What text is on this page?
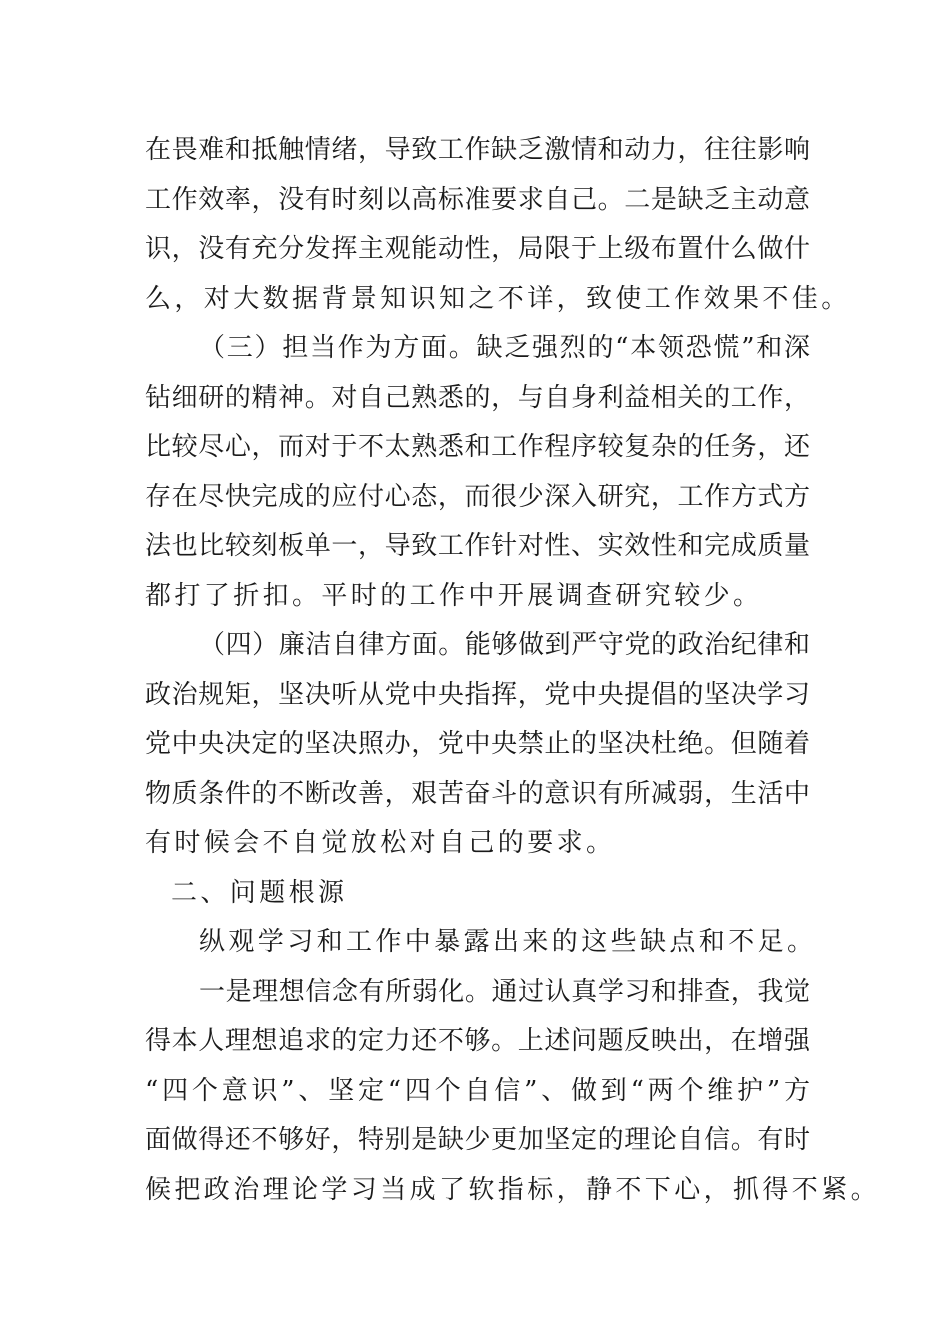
在畏难和抵触情绪，导致工作缺乏激情和动力，往往影响
工作效率，没有时刻以高标准要求自己。二是缺乏主动意
识，没有充分发挥主观能动性，局限于上级布置什么做什
么，对大数据背景知识知之不详，致使工作效果不佳。
（三）担当作为方面。缺乏强烈的“本领恐慌”和深
钻细研的精神。对自己熟悉的，与自身利益相关的工作，
比较尽心，而对于不太熟悉和工作程序较复杂的任务，还
存在尽快完成的应付心态，而很少深入研究，工作方式方
法也比较刻板单一，导致工作针对性、实效性和完成质量
都打了折扣。平时的工作中开展调查研究较少。
（四）廉洁自律方面。能够做到严守党的政治纪律和
政治规矩，坚决听从党中央指挥，党中央提倡的坚决学习
党中央决定的坚决照办，党中央禁止的坚决杜绝。但随着
物质条件的不断改善，艰苦奋斗的意识有所减弱，生活中
有时候会不自觉放松对自己的要求。
二、问题根源
纵观学习和工作中暴露出来的这些缺点和不足。
一是理想信念有所弱化。通过认真学习和排查，我觉
得本人理想追求的定力还不够。上述问题反映出，在增强
“四个意识”、坚定“四个自信”、做到“两个维护”方
面做得还不够好，特别是缺少更加坚定的理论自信。有时
候把政治理论学习当成了软指标，静不下心，抓得不紧。
